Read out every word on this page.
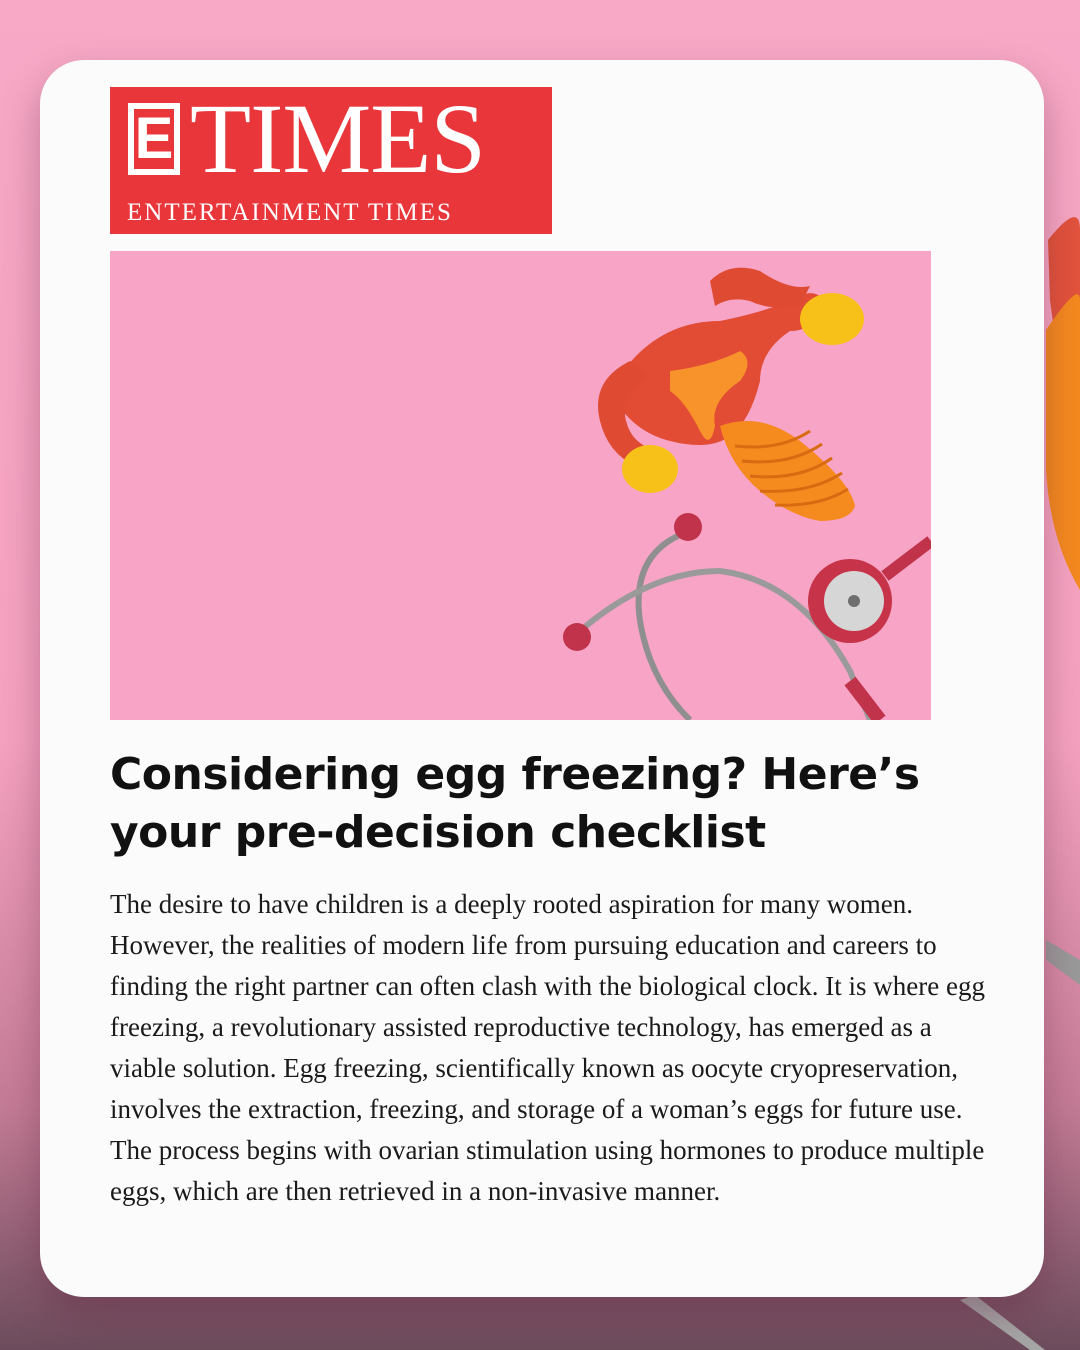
E TIMES
ENTERTAINMENT TIMES
Considering egg freezing? Here’s your pre-decision checklist

The desire to have children is a deeply rooted aspiration for many women. However, the realities of modern life from pursuing education and careers to finding the right partner can often clash with the biological clock. It is where egg freezing, a revolutionary assisted reproductive technology, has emerged as a viable solution. Egg freezing, scientifically known as oocyte cryopreservation, involves the extraction, freezing, and storage of a woman’s eggs for future use. The process begins with ovarian stimulation using hormones to produce multiple eggs, which are then retrieved in a non-invasive manner.
